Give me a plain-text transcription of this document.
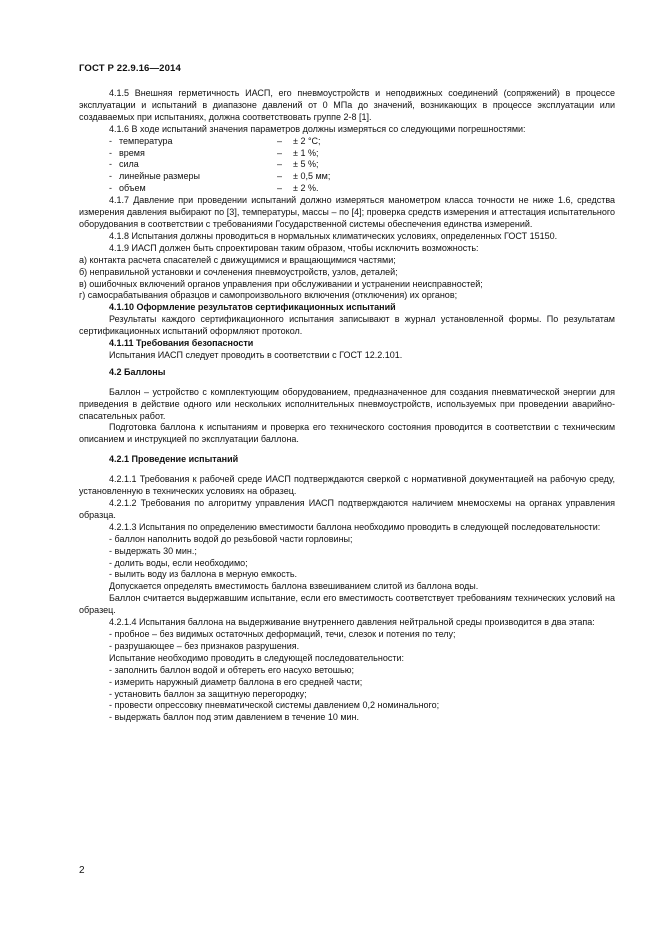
ГОСТ Р 22.9.16—2014

4.1.5 Внешняя герметичность ИАСП, его пневмоустройств и неподвижных соединений (сопряжений) в процессе эксплуатации и испытаний в диапазоне давлений от 0 МПа до значений, возникающих в процессе эксплуатации или создаваемых при испытаниях, должна соответствовать группе 2-8 [1].

4.1.6 В ходе испытаний значения параметров должны измеряться со следующими погрешностями:

- температура	–	± 2 °С;
- время	–	± 1 %;
- сила	–	± 5 %;
- линейные размеры	–	± 0,5 мм;
- объем	–	± 2 %.

4.1.7 Давление при проведении испытаний должно измеряться манометром класса точности не ниже 1.6, средства измерения давления выбирают по [3], температуры, массы – по [4]; проверка средств измерения и аттестация испытательного оборудования в соответствии с требованиями Государственной системы обеспечения единства измерений.

4.1.8 Испытания должны проводиться в нормальных климатических условиях, определенных ГОСТ 15150.

4.1.9 ИАСП должен быть спроектирован таким образом, чтобы исключить возможность:

а) контакта расчета спасателей с движущимися и вращающимися частями;

б) неправильной установки и сочленения пневмоустройств, узлов, деталей;

в) ошибочных включений органов управления при обслуживании и устранении неисправностей;

г) самосрабатывания образцов и самопроизвольного включения (отключения) их органов;

4.1.10 Оформление результатов сертификационных испытаний

Результаты каждого сертификационного испытания записывают в журнал установленной формы. По результатам сертификационных испытаний оформляют протокол.

4.1.11 Требования безопасности

Испытания ИАСП следует проводить в соответствии с ГОСТ 12.2.101.

4.2 Баллоны

Баллон – устройство с комплектующим оборудованием, предназначенное для создания пневматической энергии для приведения в действие одного или нескольких исполнительных пневмоустройств, используемых при проведении аварийно-спасательных работ.

Подготовка баллона к испытаниям и проверка его технического состояния проводится в соответствии с техническим описанием и инструкцией по эксплуатации баллона.

4.2.1 Проведение испытаний

4.2.1.1 Требования к рабочей среде ИАСП подтверждаются сверкой с нормативной документацией на рабочую среду, установленную в технических условиях на образец.

4.2.1.2 Требования по алгоритму управления ИАСП подтверждаются наличием мнемосхемы на органах управления образца.

4.2.1.3 Испытания по определению вместимости баллона необходимо проводить в следующей последовательности:

- баллон наполнить водой до резьбовой части горловины;

- выдержать 30 мин.;

- долить воды, если необходимо;

- вылить воду из баллона в мерную емкость.

Допускается определять вместимость баллона взвешиванием слитой из баллона воды.

Баллон считается выдержавшим испытание, если его вместимость соответствует требованиям технических условий на образец.

4.2.1.4 Испытания баллона на выдерживание внутреннего давления нейтральной среды производится в два этапа:

- пробное – без видимых остаточных деформаций, течи, слезок и потения по телу;

- разрушающее – без признаков разрушения.

Испытание необходимо проводить в следующей последовательности:

- заполнить баллон водой и обтереть его насухо ветошью;

- измерить наружный диаметр баллона в его средней части;

- установить баллон за защитную перегородку;

- провести опрессовку пневматической системы давлением 0,2 номинального;

- выдержать баллон под этим давлением в течение 10 мин.

2
